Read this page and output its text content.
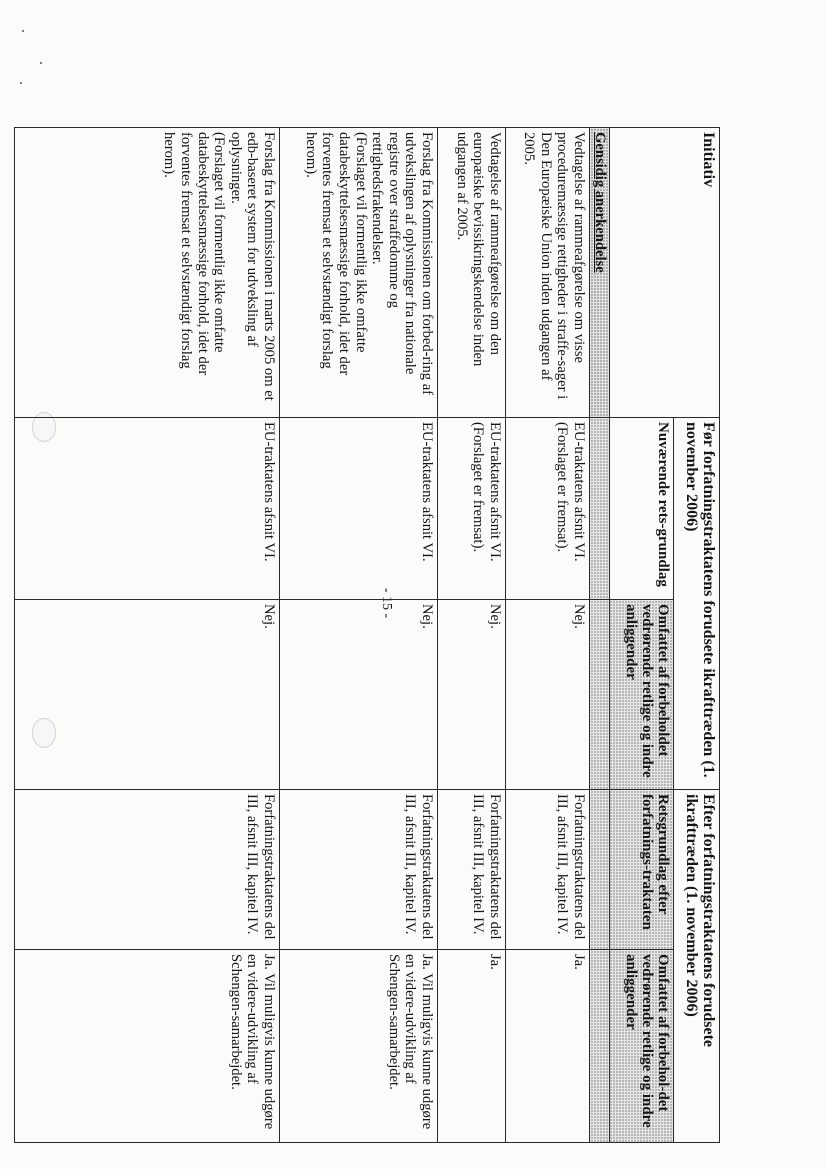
- 15 -
Initiativ	Før forfatningstraktatens forudsete ikrafttræden (1. november 2006)		Efter forfatningstraktatens forudsete ikrafttræden (1. november 2006)	
	Nuværende rets-grundlag	Omfattet af forbeholdet vedrørende retlige og indre anliggender	Retsgrundlag efter forfatnings-traktaten	Omfattet af forbehol-det vedrørende retlige og indre anliggender
Gensidig anerkendelse				

Vedtagelse af rammeafgørelse om visse proceduremæssige rettigheder i straffe-sager i Den Europæiske Union inden udgangen af 2005.	EU-traktatens afsnit VI. (Forslaget er fremsat).	Nej.	Forfatningstraktatens del III, afsnit III, kapitel IV.	Ja.

Vedtagelse af rammeafgørelse om den europæiske bevissikringskendelse inden udgangen af 2005.	EU-traktatens afsnit VI. (Forslaget er fremsat).	Nej.	Forfatningstraktatens del III, afsnit III, kapitel IV.	Ja.

Forslag fra Kommissionen om forbed-ring af udvekslingen af oplysninger fra nationale registre over straffedomme og rettighedsfrakendelser.
(Forslaget vil formentlig ikke omfatte databeskyttelsesmæssige forhold, idet der forventes fremsat et selvstændigt forslag herom).	EU-traktatens afsnit VI.	Nej.	Forfatningstraktatens del III, afsnit III, kapitel IV.	Ja. Vil muligvis kunne udgøre en videre-udvikling af Schengen-samarbejdet.

Forslag fra Kommissionen i marts 2005 om et edb-baseret system for udveksling af oplysninger.
(Forslaget vil formentlig ikke omfatte databeskyttelsesmæssige forhold, idet der forventes fremsat et selvstændigt forslag herom).	EU-traktatens afsnit VI.	Nej.	Forfatningstraktatens del III, afsnit III, kapitel IV.	Ja. Vil muligvis kunne udgøre en videre-udvikling af Schengen-samarbejdet.
